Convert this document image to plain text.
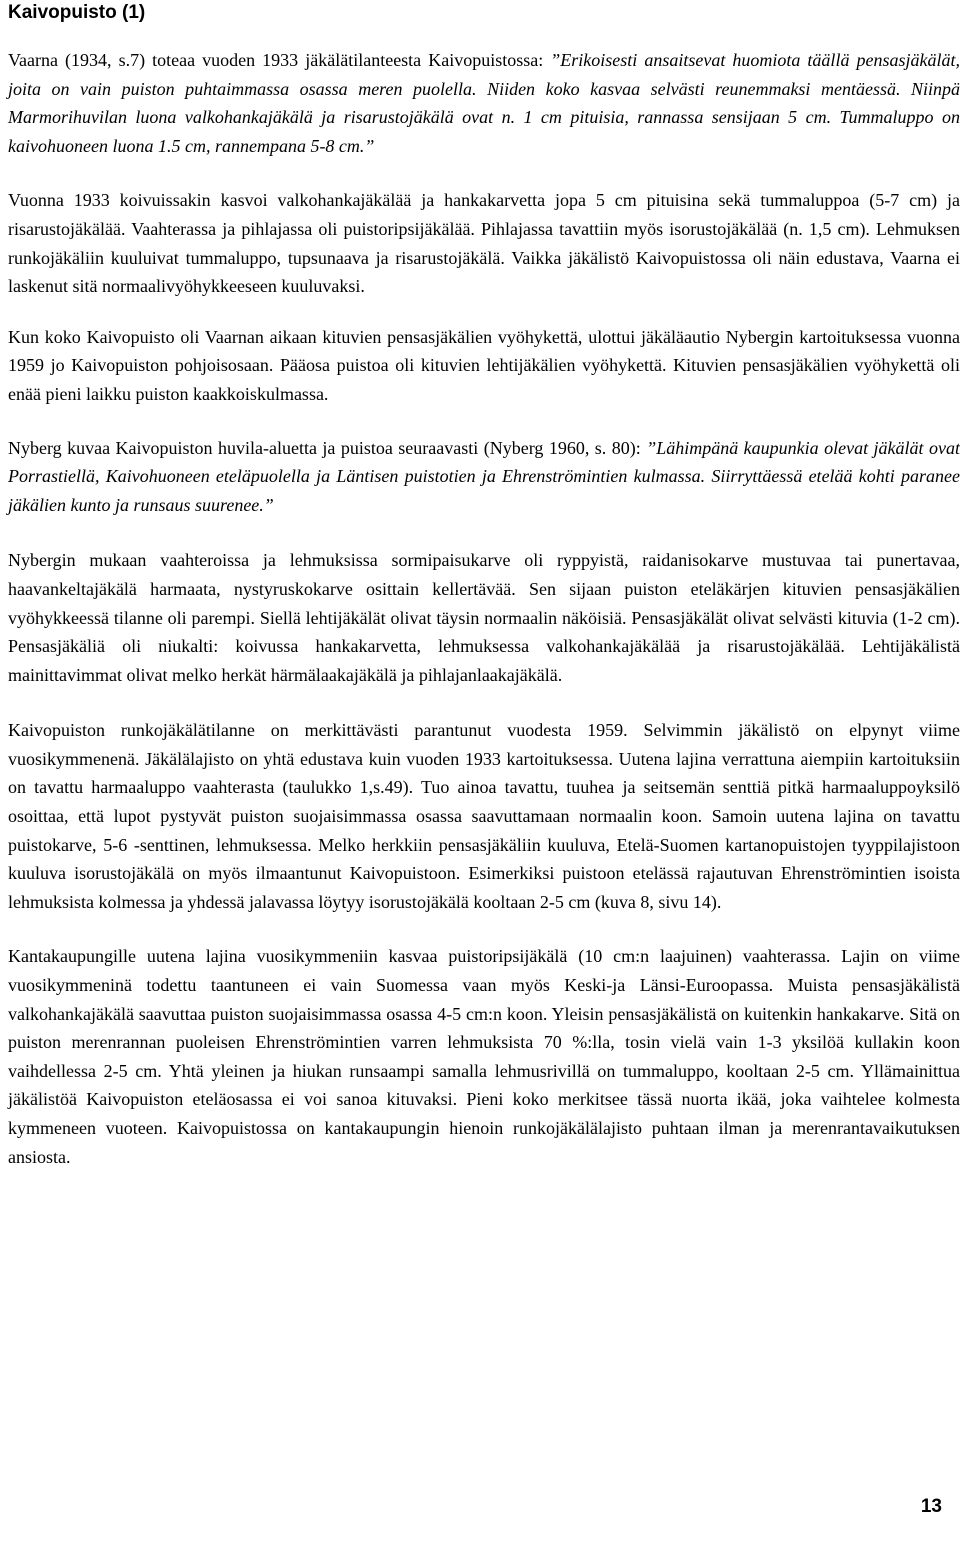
Kaivopuisto (1)

Vaarna (1934, s.7) toteaa vuoden 1933 jäkälätilanteesta Kaivopuistossa: ”Erikoisesti ansaitsevat huomiota täällä pensasjäkälät, joita on vain puiston puhtaimmassa osassa meren puolella. Niiden koko kasvaa selvästi reunemmaksi mentäessä. Niinpä Marmorihuvilan luona valkohankajäkälä ja risarustojäkälä ovat n. 1 cm pituisia, rannassa sensijaan 5 cm. Tummaluppo on kaivohuoneen luona 1.5 cm, rannempana 5-8 cm.”

Vuonna 1933 koivuissakin kasvoi valkohankajäkälää ja hankakarvetta jopa 5 cm pituisina sekä tummaluppoa (5-7 cm) ja risarustojäkälää. Vaahterassa ja pihlajassa oli puistoripsijäkälää. Pihlajassa tavattiin myös isorustojäkälää (n. 1,5 cm). Lehmuksen runkojäkäliin kuuluivat tummaluppo, tupsunaava ja risarustojäkälä. Vaikka jäkälistö Kaivopuistossa oli näin edustava, Vaarna ei laskenut sitä normaalivyöhykkeeseen kuuluvaksi.

Kun koko Kaivopuisto oli Vaarnan aikaan kituvien pensasjäkälien vyöhykettä, ulottui jäkäläautio Nybergin kartoituksessa vuonna 1959 jo Kaivopuiston pohjoisosaan. Pääosa puistoa oli kituvien lehtijäkälien vyöhykettä. Kituvien pensasjäkälien vyöhykettä oli enää pieni laikku puiston kaakkoiskulmassa.

Nyberg kuvaa Kaivopuiston huvila-aluetta ja puistoa seuraavasti (Nyberg 1960, s. 80): ”Lähimpänä kaupunkia olevat jäkälät ovat Porrastiellä, Kaivohuoneen eteläpuolella ja Läntisen puistotien ja Ehrenströmintien kulmassa. Siirryttäessä etelää kohti paranee jäkälien kunto ja runsaus suurenee.”

Nybergin mukaan vaahteroissa ja lehmuksissa sormipaisukarve oli ryppyistä, raidanisokarve mustuvaa tai punertavaa, haavankeltajäkälä harmaata, nystyruskokarve osittain kellertävää. Sen sijaan puiston eteläkärjen kituvien pensasjäkälien vyöhykkeessä tilanne oli parempi. Siellä lehtijäkälät olivat täysin normaalin näköisiä. Pensasjäkälät olivat selvästi kituvia (1-2 cm). Pensasjäkäliä oli niukalti: koivussa hankakarvetta, lehmuksessa valkohankajäkälää ja risarustojäkälää. Lehtijäkälistä mainittavimmat olivat melko herkät härmälaakajäkälä ja pihlajanlaakajäkälä.

Kaivopuiston runkojäkälätilanne on merkittävästi parantunut vuodesta 1959. Selvimmin jäkälistö on elpynyt viime vuosikymmenenä. Jäkälälajisto on yhtä edustava kuin vuoden 1933 kartoituksessa. Uutena lajina verrattuna aiempiin kartoituksiin on tavattu harmaaluppo vaahterasta (taulukko 1,s.49). Tuo ainoa tavattu, tuuhea ja seitsemän senttiä pitkä harmaaluppoyksilö osoittaa, että lupot pystyvät puiston suojaisimmassa osassa saavuttamaan normaalin koon. Samoin uutena lajina on tavattu puistokarve, 5-6 -senttinen, lehmuksessa. Melko herkkiin pensasjäkäliin kuuluva, Etelä-Suomen kartanopuistojen tyyppilajistoon kuuluva isorustojäkälä on myös ilmaantunut Kaivopuistoon. Esimerkiksi puistoon etelässä rajautuvan Ehrenströmintien isoista lehmuksista kolmessa ja yhdessä jalavassa löytyy isorustojäkälä kooltaan 2-5 cm (kuva 8, sivu 14).

Kantakaupungille uutena lajina vuosikymmeniin kasvaa puistoripsijäkälä (10 cm:n laajuinen) vaahterassa. Lajin on viime vuosikymmeninä todettu taantuneen ei vain Suomessa vaan myös Keski-ja Länsi-Euroopassa. Muista pensasjäkälistä valkohankajäkälä saavuttaa puiston suojaisimmassa osassa 4-5 cm:n koon. Yleisin pensasjäkälistä on kuitenkin hankakarve. Sitä on puiston merenrannan puoleisen Ehrenströmintien varren lehmuksista 70 %:lla, tosin vielä vain 1-3 yksilöä kullakin koon vaihdellessa 2-5 cm. Yhtä yleinen ja hiukan runsaampi samalla lehmusrivillä on tummaluppo, kooltaan 2-5 cm. Yllämainittua jäkälistöä Kaivopuiston eteläosassa ei voi sanoa kituvaksi. Pieni koko merkitsee tässä nuorta ikää, joka vaihtelee kolmesta kymmeneen vuoteen. Kaivopuistossa on kantakaupungin hienoin runkojäkälälajisto puhtaan ilman ja merenrantavaikutuksen ansiosta.

13
